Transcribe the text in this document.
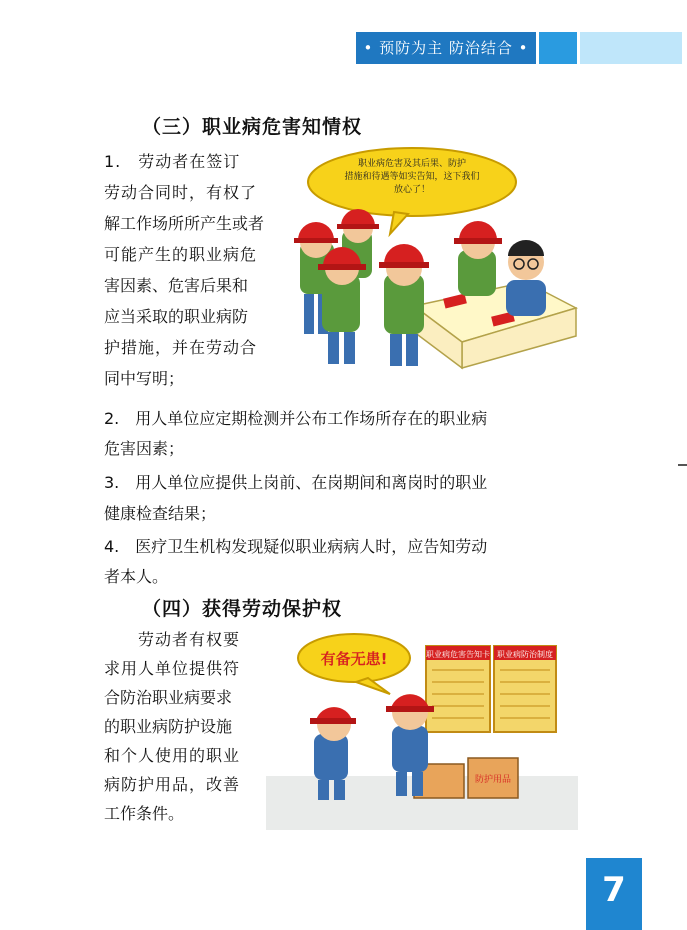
• 预防为主 防治结合 •
（三）职业病危害知情权
1.　劳动者在签订
劳动合同时，有权了
解工作场所所产生或者
可能产生的职业病危
害因素、危害后果和
应当采取的职业病防
护措施，并在劳动合
同中写明；
职业病危害及其后果、防护
措施和待遇等如实告知，这下我们
放心了！
2.　用人单位应定期检测并公布工作场所存在的职业病
危害因素；
3.　用人单位应提供上岗前、在岗期间和离岗时的职业
健康检查结果；
4.　医疗卫生机构发现疑似职业病病人时，应告知劳动
者本人。
（四）获得劳动保护权
劳动者有权要
求用人单位提供符
合防治职业病要求
的职业病防护设施
和个人使用的职业
病防护用品，改善
工作条件。
职业病危害告知卡 职业病防治制度
有备无患!
防护用品
7
